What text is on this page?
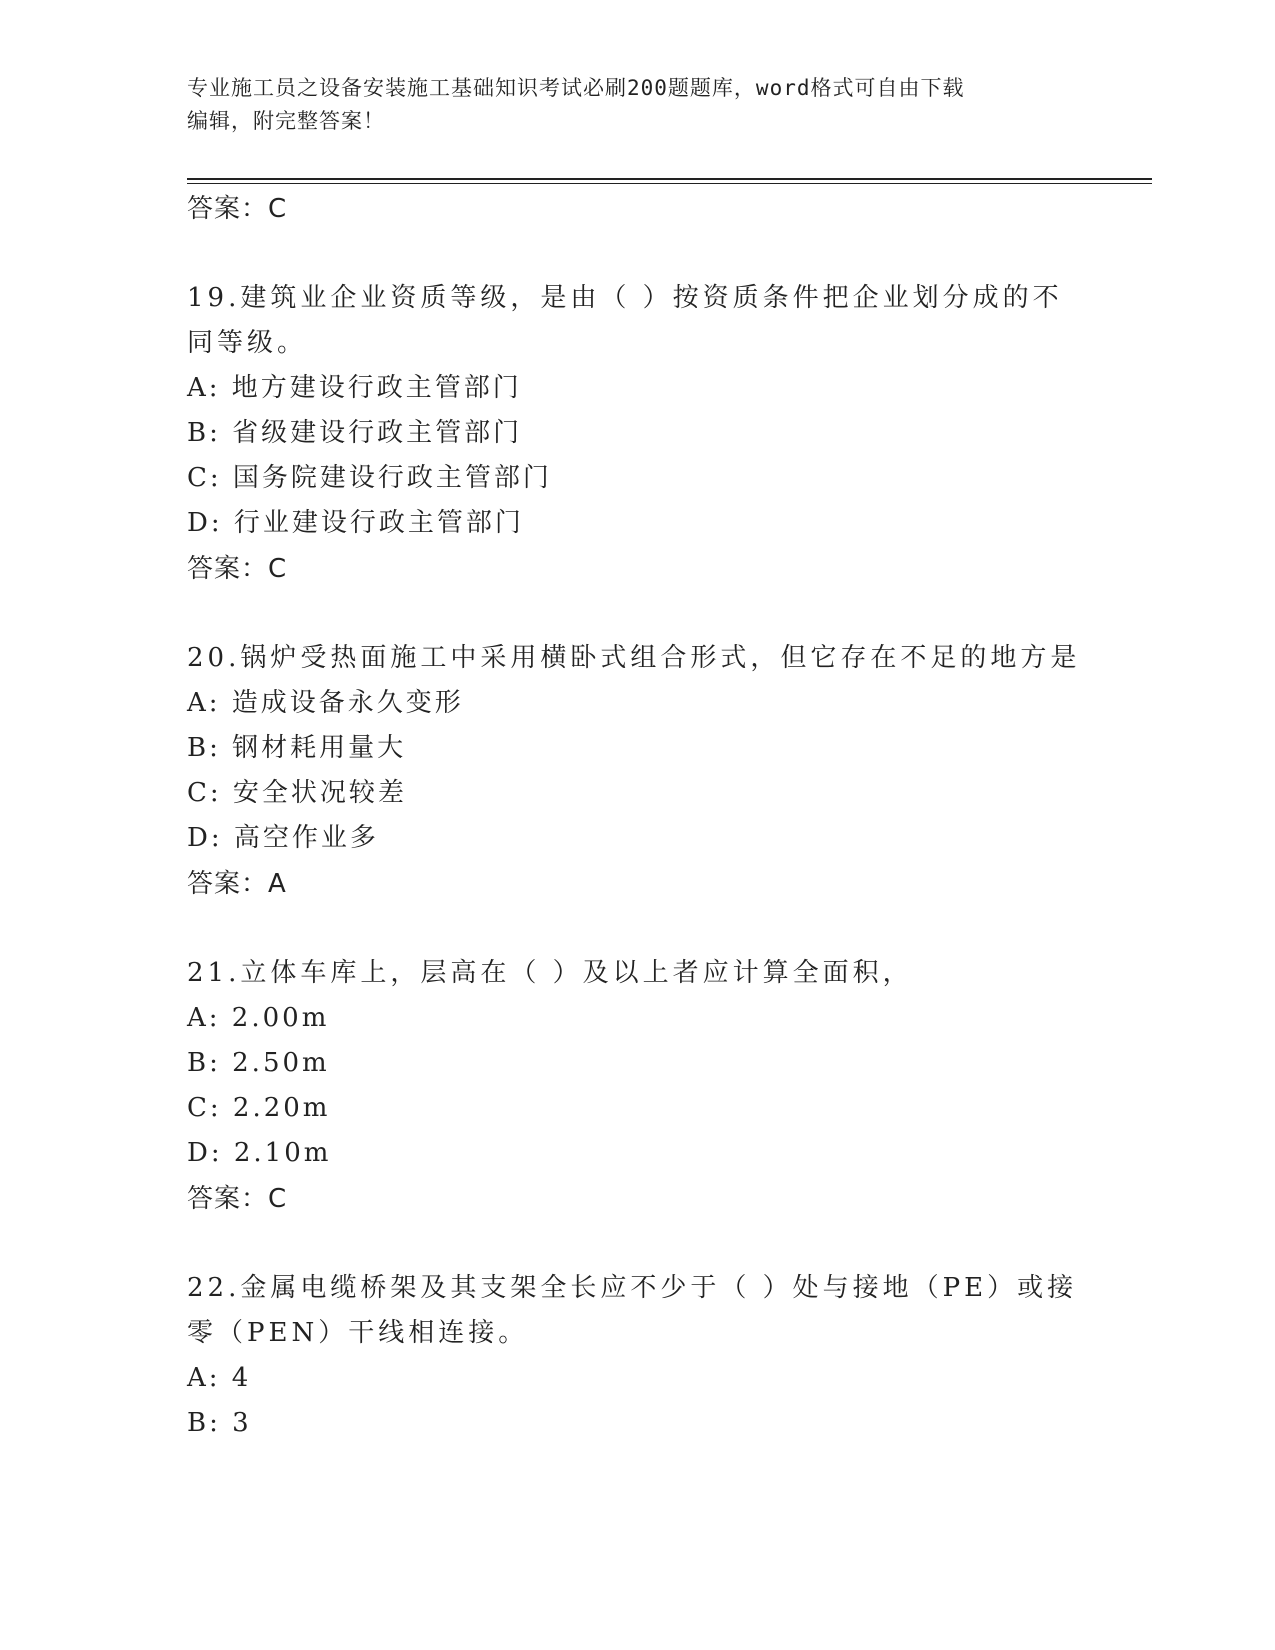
专业施工员之设备安装施工基础知识考试必刷200题题库，word格式可自由下载
编辑，附完整答案！
答案：C

19.建筑业企业资质等级，是由（ ）按资质条件把企业划分成的不同等级。

A: 地方建设行政主管部门
B: 省级建设行政主管部门
C: 国务院建设行政主管部门
D: 行业建设行政主管部门
答案：C

20.锅炉受热面施工中采用横卧式组合形式，但它存在不足的地方是

A: 造成设备永久变形
B: 钢材耗用量大
C: 安全状况较差
D: 高空作业多
答案：A

21.立体车库上，层高在（ ）及以上者应计算全面积，

A: 2.00m
B: 2.50m
C: 2.20m
D: 2.10m
答案：C

22.金属电缆桥架及其支架全长应不少于（ ）处与接地（PE）或接零（PEN）干线相连接。

A: 4
B: 3
